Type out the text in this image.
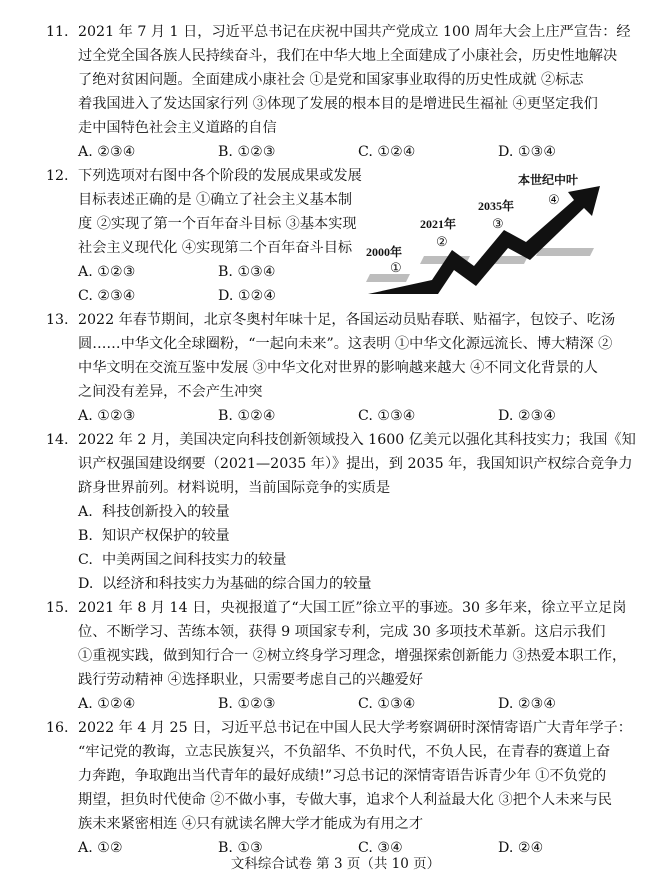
11. 2021 年 7 月 1 日，习近平总书记在庆祝中国共产党成立 100 周年大会上庄严宣告：经
过全党全国各族人民持续奋斗，我们在中华大地上全面建成了小康社会，历史性地解决
了绝对贫困问题。全面建成小康社会 ①是党和国家事业取得的历史性成就 ②标志
着我国进入了发达国家行列 ③体现了发展的根本目的是增进民生福祉 ④更坚定我们
走中国特色社会主义道路的自信
A. ②③④	B. ①②③	C. ①②④	D. ①③④
12. 下列选项对右图中各个阶段的发展成果或发展
目标表述正确的是 ①确立了社会主义基本制
度 ②实现了第一个百年奋斗目标 ③基本实现
社会主义现代化 ④实现第二个百年奋斗目标
A. ①②③	B. ①③④
C. ②③④	D. ①②④
2000年
2021年
2035年
本世纪中叶
①
②
③
④
13. 2022 年春节期间，北京冬奥村年味十足，各国运动员贴春联、贴福字，包饺子、吃汤
圆……中华文化全球圈粉，“一起向未来”。这表明 ①中华文化源远流长、博大精深 ②
中华文明在交流互鉴中发展 ③中华文化对世界的影响越来越大 ④不同文化背景的人
之间没有差异，不会产生冲突
A. ①②③	B. ①②④	C. ①③④	D. ②③④
14. 2022 年 2 月，美国决定向科技创新领域投入 1600 亿美元以强化其科技实力；我国《知
识产权强国建设纲要（2021—2035 年）》提出，到 2035 年，我国知识产权综合竞争力
跻身世界前列。材料说明，当前国际竞争的实质是
A. 科技创新投入的较量
B. 知识产权保护的较量
C. 中美两国之间科技实力的较量
D. 以经济和科技实力为基础的综合国力的较量
15. 2021 年 8 月 14 日，央视报道了“大国工匠”徐立平的事迹。30 多年来，徐立平立足岗
位、不断学习、苦练本领，获得 9 项国家专利，完成 30 多项技术革新。这启示我们
①重视实践，做到知行合一 ②树立终身学习理念，增强探索创新能力 ③热爱本职工作，
践行劳动精神 ④选择职业，只需要考虑自己的兴趣爱好
A. ①②④	B. ①②③	C. ①③④	D. ②③④
16. 2022 年 4 月 25 日，习近平总书记在中国人民大学考察调研时深情寄语广大青年学子：
“牢记党的教诲，立志民族复兴，不负韶华、不负时代，不负人民，在青春的赛道上奋
力奔跑，争取跑出当代青年的最好成绩!”习总书记的深情寄语告诉青少年 ①不负党的
期望，担负时代使命 ②不做小事，专做大事，追求个人利益最大化 ③把个人未来与民
族未来紧密相连 ④只有就读名牌大学才能成为有用之才
A. ①②	B. ①③	C. ③④	D. ②④
文科综合试卷 第 3 页（共 10 页）
